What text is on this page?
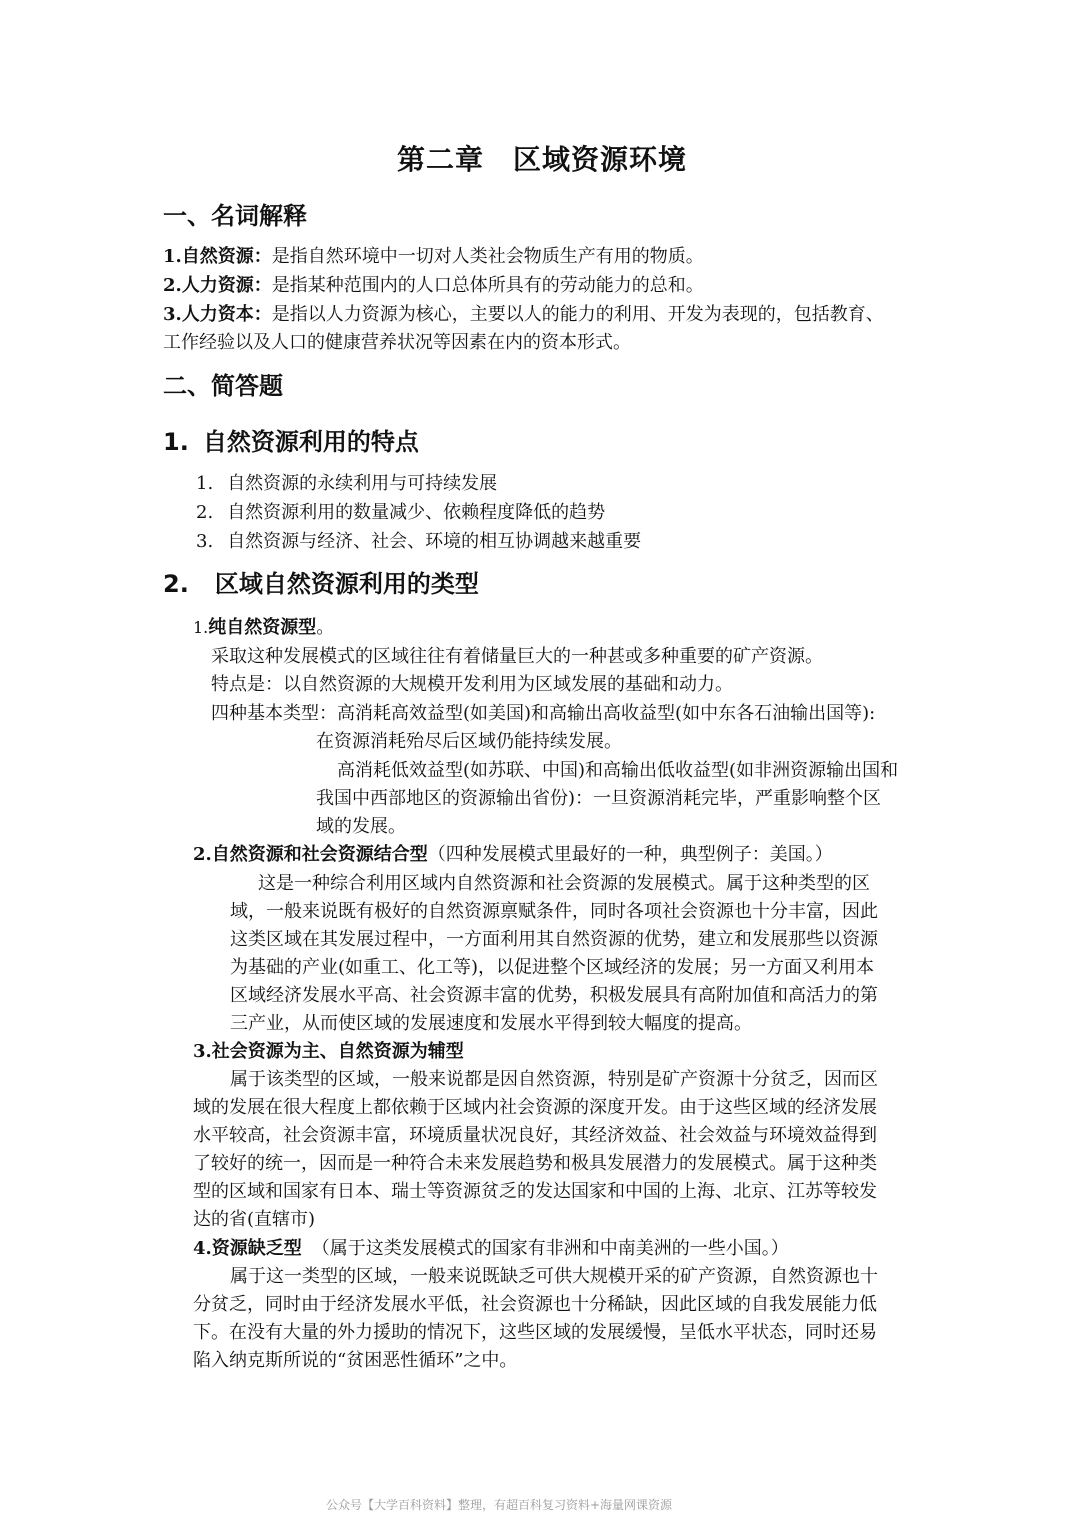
第二章　区域资源环境
一、名词解释
1.自然资源：是指自然环境中一切对人类社会物质生产有用的物质。
2.人力资源：是指某种范围内的人口总体所具有的劳动能力的总和。
3.人力资本：是指以人力资源为核心，主要以人的能力的利用、开发为表现的，包括教育、
工作经验以及人口的健康营养状况等因素在内的资本形式。
二、简答题
1. 自然资源利用的特点
1. 自然资源的永续利用与可持续发展
2. 自然资源利用的数量减少、依赖程度降低的趋势
3. 自然资源与经济、社会、环境的相互协调越来越重要
2. 区域自然资源利用的类型
1.纯自然资源型。
采取这种发展模式的区域往往有着储量巨大的一种甚或多种重要的矿产资源。
特点是：以自然资源的大规模开发利用为区域发展的基础和动力。
四种基本类型：高消耗高效益型(如美国)和高输出高收益型(如中东各石油输出国等):
在资源消耗殆尽后区域仍能持续发展。
高消耗低效益型(如苏联、中国)和高输出低收益型(如非洲资源输出国和
我国中西部地区的资源输出省份)：一旦资源消耗完毕，严重影响整个区
域的发展。
2.自然资源和社会资源结合型（四种发展模式里最好的一种，典型例子：美国。）
这是一种综合利用区域内自然资源和社会资源的发展模式。属于这种类型的区
域，一般来说既有极好的自然资源禀赋条件，同时各项社会资源也十分丰富，因此
这类区域在其发展过程中，一方面利用其自然资源的优势，建立和发展那些以资源
为基础的产业(如重工、化工等)，以促进整个区域经济的发展；另一方面又利用本
区域经济发展水平高、社会资源丰富的优势，积极发展具有高附加值和高活力的第
三产业，从而使区域的发展速度和发展水平得到较大幅度的提高。
3.社会资源为主、自然资源为辅型
属于该类型的区域，一般来说都是因自然资源，特别是矿产资源十分贫乏，因而区
域的发展在很大程度上都依赖于区域内社会资源的深度开发。由于这些区域的经济发展
水平较高，社会资源丰富，环境质量状况良好，其经济效益、社会效益与环境效益得到
了较好的统一，因而是一种符合未来发展趋势和极具发展潜力的发展模式。属于这种类
型的区域和国家有日本、瑞士等资源贫乏的发达国家和中国的上海、北京、江苏等较发
达的省(直辖市)
4.资源缺乏型 （属于这类发展模式的国家有非洲和中南美洲的一些小国。）
属于这一类型的区域，一般来说既缺乏可供大规模开采的矿产资源，自然资源也十
分贫乏，同时由于经济发展水平低，社会资源也十分稀缺，因此区域的自我发展能力低
下。在没有大量的外力援助的情况下，这些区域的发展缓慢，呈低水平状态，同时还易
陷入纳克斯所说的“贫困恶性循环”之中。
公众号【大学百科资料】整理，有超百科复习资料+海量网课资源
